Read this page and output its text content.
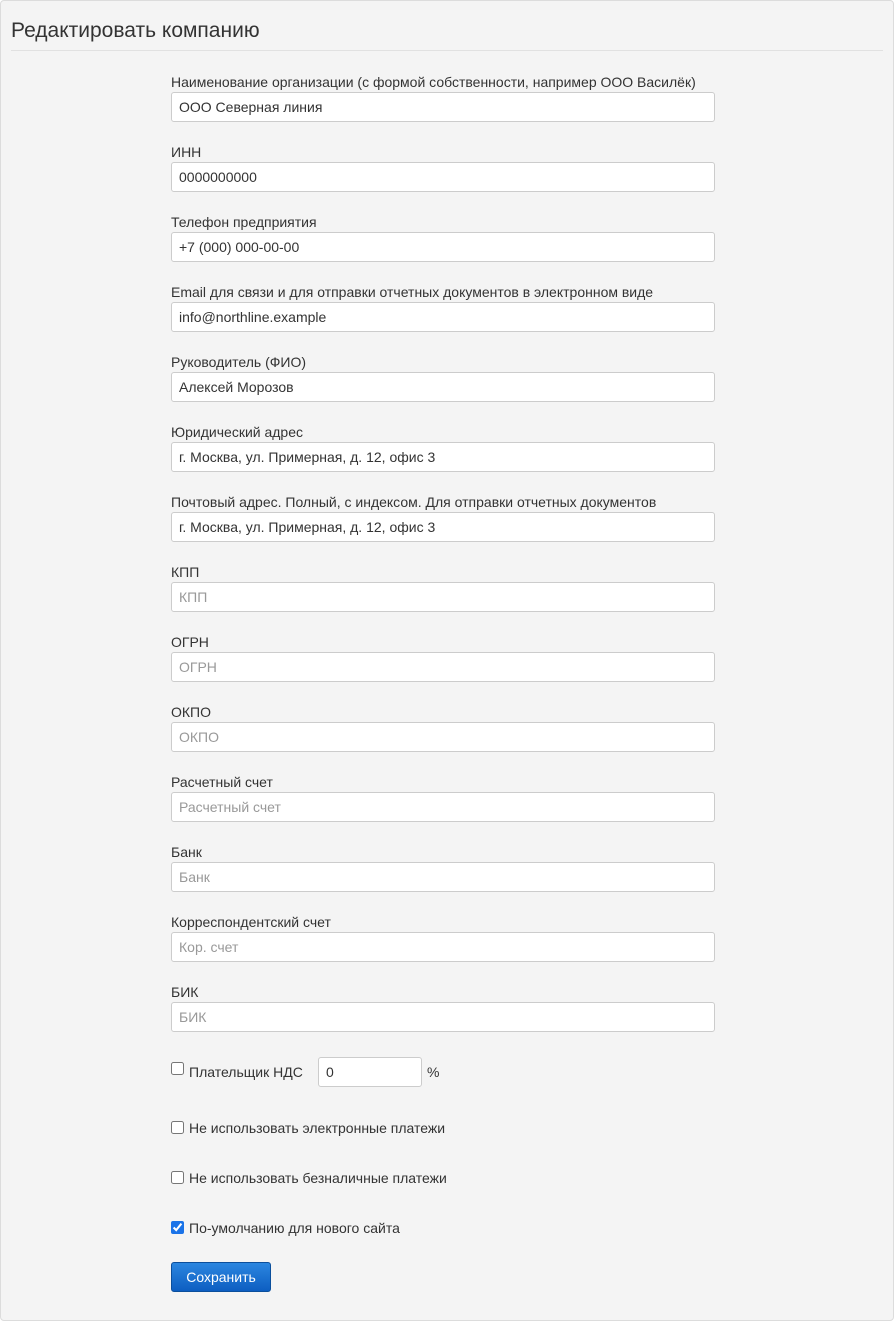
Редактировать компанию
Наименование организации (с формой собственности, например ООО Василёк)
ООО Северная линия
ИНН
0000000000
Телефон предприятия
+7 (000) 000-00-00
Email для связи и для отправки отчетных документов в электронном виде
info@northline.example
Руководитель (ФИО)
Алексей Морозов
Юридический адрес
г. Москва, ул. Примерная, д. 12, офис 3
Почтовый адрес. Полный, с индексом. Для отправки отчетных документов
г. Москва, ул. Примерная, д. 12, офис 3
КПП
КПП
ОГРН
ОГРН
ОКПО
ОКПО
Расчетный счет
Расчетный счет
Банк
Банк
Корреспондентский счет
Кор. счет
БИК
БИК
Плательщик НДС
0	%
Не использовать электронные платежи
Не использовать безналичные платежи
По-умолчанию для нового сайта
Сохранить
